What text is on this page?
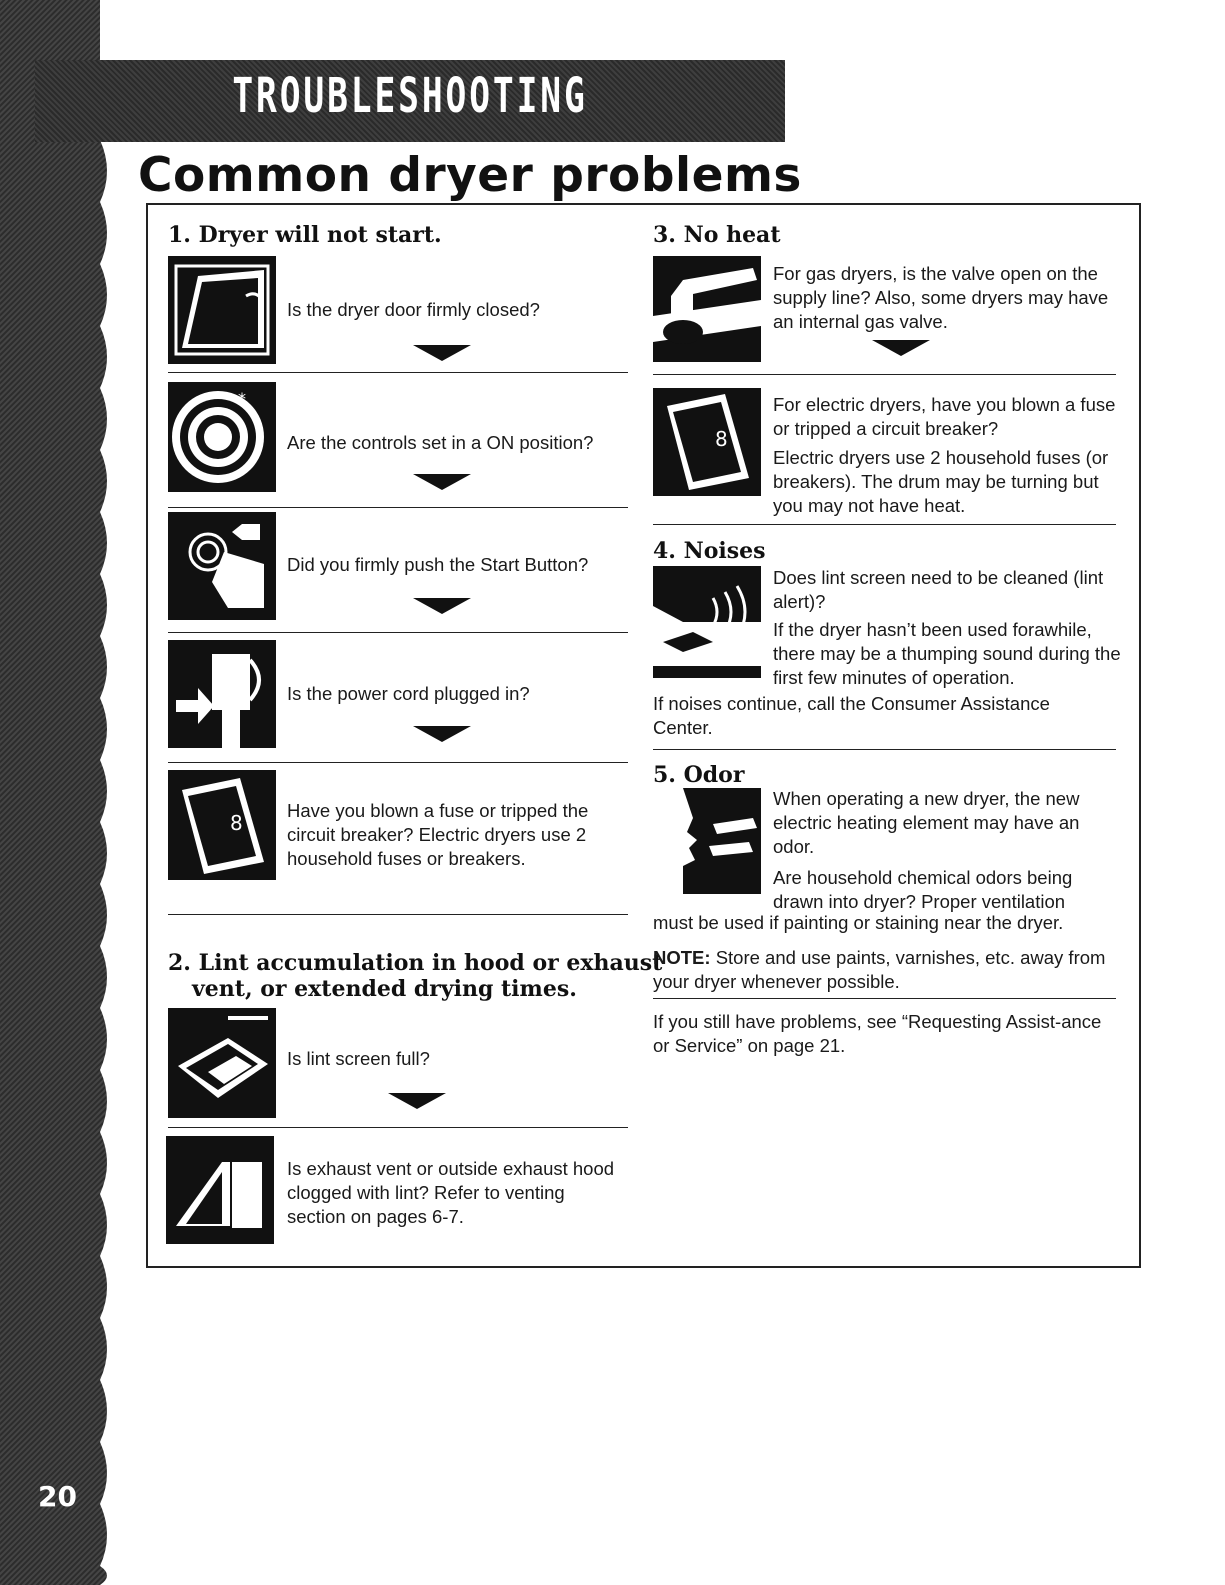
TROUBLESHOOTING
Common dryer problems
1. Dryer will not start.
Is the dryer door firmly closed?
*
Are the controls set in a ON position?
Did you firmly push the Start Button?
Is the power cord plugged in?
8
Have you blown a fuse or tripped the circuit breaker? Electric dryers use 2 household fuses or breakers.
2. Lint accumulation in hood or exhaust
vent, or extended drying times.
Is lint screen full?
Is exhaust vent or outside exhaust hood clogged with lint? Refer to venting section on pages 6-7.
3. No heat
For gas dryers, is the valve open on the supply line? Also, some dryers may have an internal gas valve.
8
For electric dryers, have you blown a fuse or tripped a circuit breaker?
Electric dryers use 2 household fuses (or breakers). The drum may be turning but you may not have heat.
4. Noises
Does lint screen need to be cleaned (lint alert)?
If the dryer hasn’t been used forawhile, there may be a thumping sound during the first few minutes of operation.
If noises continue, call the Consumer Assistance Center.
5. Odor
When operating a new dryer, the new electric heating element may have an odor.
Are household chemical odors being drawn into dryer? Proper ventilation
must be used if painting or staining near the dryer.
NOTE: Store and use paints, varnishes, etc. away from your dryer whenever possible.
If you still have problems, see “Requesting Assist-ance or Service” on page 21.
20
